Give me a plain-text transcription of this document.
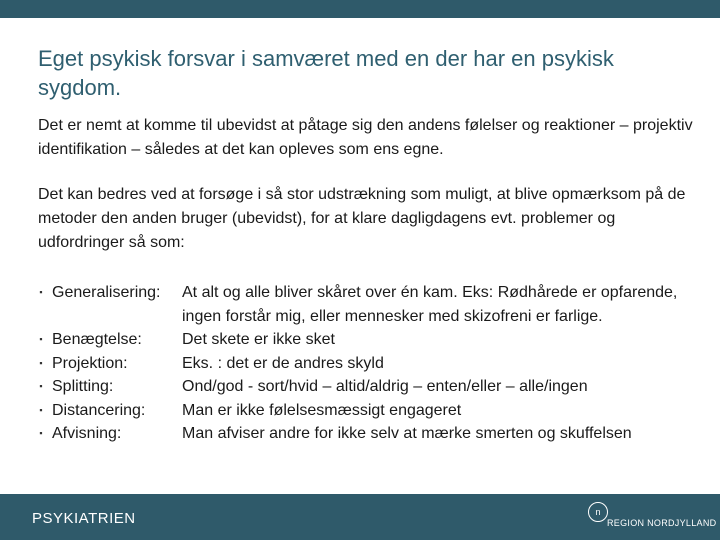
Eget psykisk forsvar i samværet med en der har en psykisk sygdom.

Det er nemt at komme til ubevidst at påtage sig den andens følelser og reaktioner – projektiv identifikation – således at det kan opleves som ens egne.

Det kan bedres ved at forsøge i så stor udstrækning som muligt, at blive opmærksom på de metoder den anden bruger (ubevidst), for at klare dagligdagens evt. problemer og udfordringer så som:

▪ Generalisering:	At alt og alle bliver skåret over én kam. Eks: Rødhårede er opfarende, ingen forstår mig, eller mennesker med skizofreni er farlige.
▪ Benægtelse:	Det skete er ikke sket
▪ Projektion:	Eks. : det er de andres skyld
▪ Splitting:	Ond/god - sort/hvid – altid/aldrig – enten/eller – alle/ingen
▪ Distancering:	Man er ikke følelsesmæssigt engageret
▪ Afvisning:	Man afviser andre for ikke selv at mærke smerten og skuffelsen
PSYKIATRIEN	n
REGION NORDJYLLAND
